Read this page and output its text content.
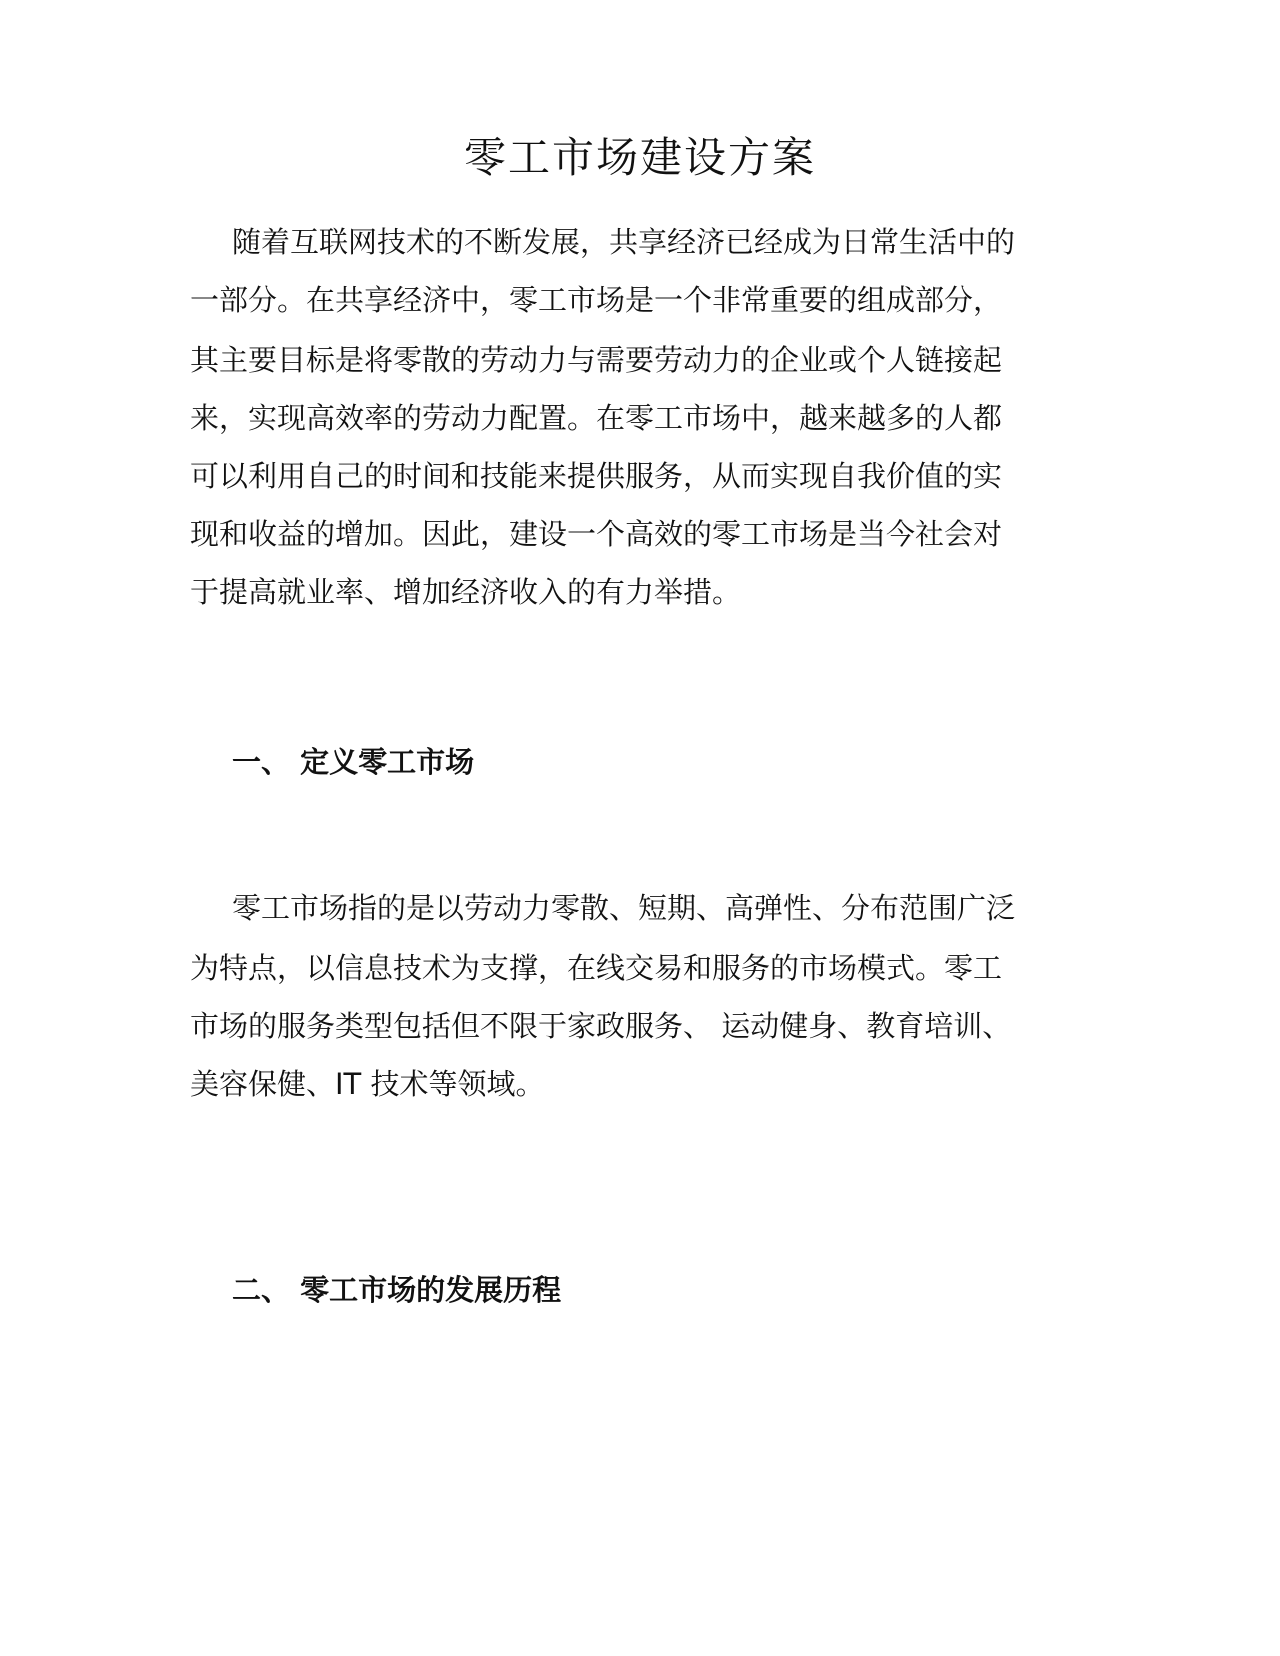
零工市场建设方案

随着互联网技术的不断发展，共享经济已经成为日常生活中的

一部分。在共享经济中，零工市场是一个非常重要的组成部分，

其主要目标是将零散的劳动力与需要劳动力的企业或个人链接起

来，实现高效率的劳动力配置。在零工市场中，越来越多的人都

可以利用自己的时间和技能来提供服务，从而实现自我价值的实

现和收益的增加。因此，建设一个高效的零工市场是当今社会对

于提高就业率、增加经济收入的有力举措。

一、 定义零工市场

零工市场指的是以劳动力零散、短期、高弹性、分布范围广泛

为特点，以信息技术为支撑，在线交易和服务的市场模式。零工

市场的服务类型包括但不限于家政服务、 运动健身、教育培训、

美容保健、IT 技术等领域。

二、 零工市场的发展历程
